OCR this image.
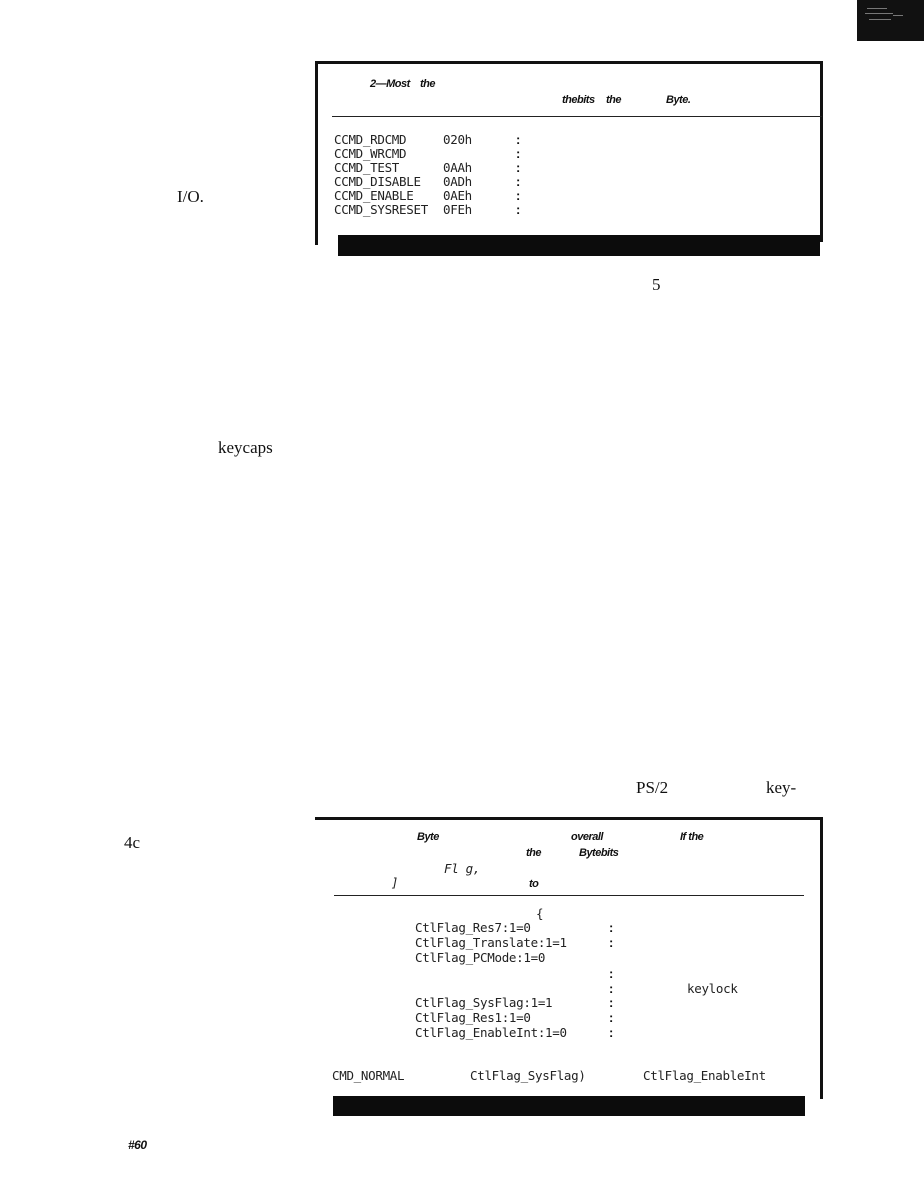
I/O.
keycaps
4c
#60
5
PS/2	key-
2—Most the
thebits the	Byte.
CCMD_RDCMD	020h	:
CCMD_WRCMD	:
CCMD_TEST	0AAh	:
CCMD_DISABLE 0ADh	:
CCMD_ENABLE 0AEh	:
CCMD_SYSRESET 0FEh	:
Byte	overall	If the
the	Bytebits
Fl g,
]	to
{
CtlFlag_Res7:1=0	:
CtlFlag_Translate:1=1	:
CtlFlag_PCMode:1=0
:
:	keylock
CtlFlag_SysFlag:1=1	:
CtlFlag_Res1:1=0	:
CtlFlag_EnableInt:1=0	:
CMD_NORMAL	CtlFlag_SysFlag)	CtlFlag_EnableInt
